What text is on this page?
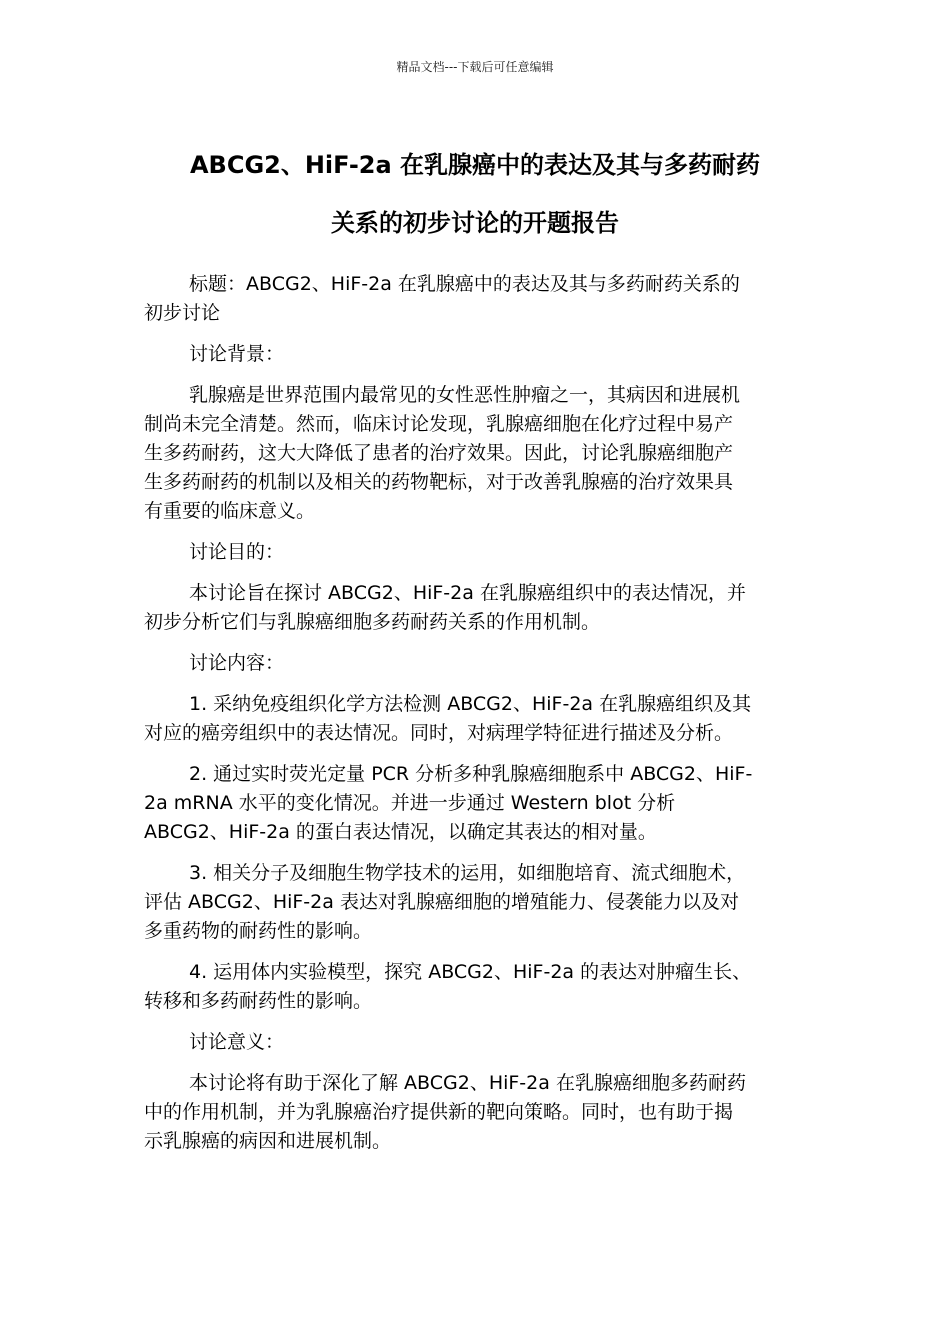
精品文档---下载后可任意编辑
ABCG2、HiF-2a 在乳腺癌中的表达及其与多药耐药
关系的初步讨论的开题报告
标题：ABCG2、HiF-2a 在乳腺癌中的表达及其与多药耐药关系的
初步讨论
讨论背景：
乳腺癌是世界范围内最常见的女性恶性肿瘤之一，其病因和进展机
制尚未完全清楚。然而，临床讨论发现，乳腺癌细胞在化疗过程中易产
生多药耐药，这大大降低了患者的治疗效果。因此，讨论乳腺癌细胞产
生多药耐药的机制以及相关的药物靶标，对于改善乳腺癌的治疗效果具
有重要的临床意义。
讨论目的：
本讨论旨在探讨 ABCG2、HiF-2a 在乳腺癌组织中的表达情况，并
初步分析它们与乳腺癌细胞多药耐药关系的作用机制。
讨论内容：
1. 采纳免疫组织化学方法检测 ABCG2、HiF-2a 在乳腺癌组织及其
对应的癌旁组织中的表达情况。同时，对病理学特征进行描述及分析。
2. 通过实时荧光定量 PCR 分析多种乳腺癌细胞系中 ABCG2、HiF-
2a mRNA 水平的变化情况。并进一步通过 Western blot 分析
ABCG2、HiF-2a 的蛋白表达情况，以确定其表达的相对量。
3. 相关分子及细胞生物学技术的运用，如细胞培育、流式细胞术，
评估 ABCG2、HiF-2a 表达对乳腺癌细胞的增殖能力、侵袭能力以及对
多重药物的耐药性的影响。
4. 运用体内实验模型，探究 ABCG2、HiF-2a 的表达对肿瘤生长、
转移和多药耐药性的影响。
讨论意义：
本讨论将有助于深化了解 ABCG2、HiF-2a 在乳腺癌细胞多药耐药
中的作用机制，并为乳腺癌治疗提供新的靶向策略。同时，也有助于揭
示乳腺癌的病因和进展机制。
